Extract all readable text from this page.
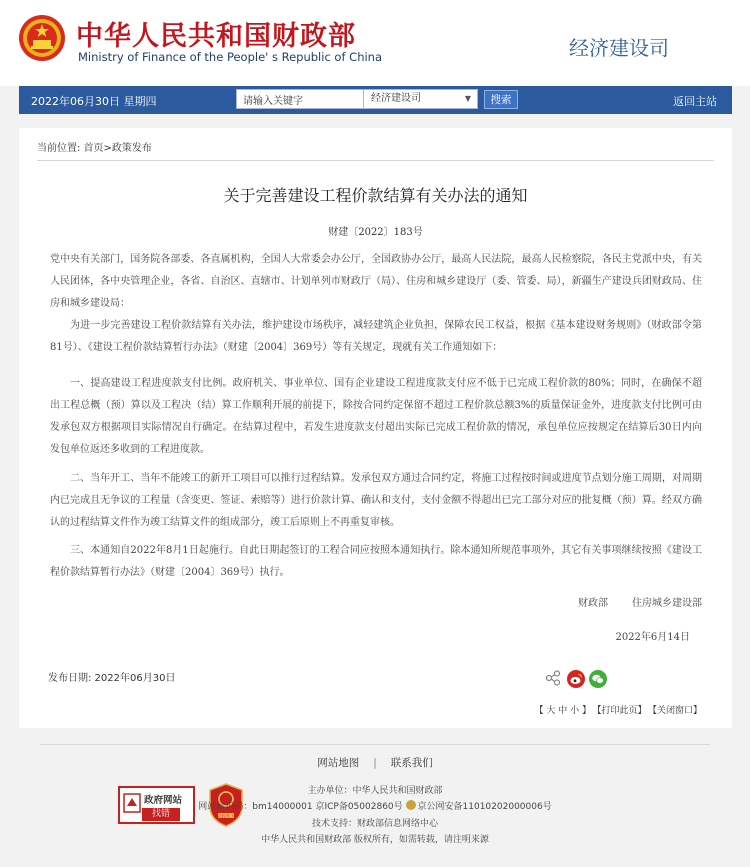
中华人民共和国财政部
Ministry of Finance of the People' s Republic of China	经济建设司
2022年06月30日 星期四
请输入关键字	经济建设司	▼	搜索	返回主站
当前位置: 首页>政策发布
关于完善建设工程价款结算有关办法的通知
财建〔2022〕183号
党中央有关部门，国务院各部委、各直属机构，全国人大常委会办公厅，全国政协办公厅，最高人民法院，最高人民检察院，各民主党派中央，有关人民团体，各中央管理企业，各省、自治区、直辖市、计划单列市财政厅（局）、住房和城乡建设厅（委、管委、局），新疆生产建设兵团财政局、住房和城乡建设局：
为进一步完善建设工程价款结算有关办法，维护建设市场秩序，减轻建筑企业负担，保障农民工权益，根据《基本建设财务规则》（财政部令第81号）、《建设工程价款结算暂行办法》（财建〔2004〕369号）等有关规定，现就有关工作通知如下：
一、提高建设工程进度款支付比例。政府机关、事业单位、国有企业建设工程进度款支付应不低于已完成工程价款的80%；同时，在确保不超出工程总概（预）算以及工程决（结）算工作顺利开展的前提下，除按合同约定保留不超过工程价款总额3%的质量保证金外，进度款支付比例可由发承包双方根据项目实际情况自行确定。在结算过程中，若发生进度款支付超出实际已完成工程价款的情况，承包单位应按规定在结算后30日内向发包单位返还多收到的工程进度款。
二、当年开工、当年不能竣工的新开工项目可以推行过程结算。发承包双方通过合同约定，将施工过程按时间或进度节点划分施工周期，对周期内已完成且无争议的工程量（含变更、签证、索赔等）进行价款计算、确认和支付，支付金额不得超出已完工部分对应的批复概（预）算。经双方确认的过程结算文件作为竣工结算文件的组成部分，竣工后原则上不再重复审核。
三、本通知自2022年8月1日起施行。自此日期起签订的工程合同应按照本通知执行。除本通知所规范事项外，其它有关事项继续按照《建设工程价款结算暂行办法》（财建〔2004〕369号）执行。
财政部 住房城乡建设部
2022年6月14日
发布日期: 2022年06月30日
【 大 中 小 】 【打印此页】 【关闭窗口】
网站地图 | 联系我们
政府网站
找错	党政机关
主办单位：中华人民共和国财政部
网站标识码：bm14000001 京ICP备05002860号 京公网安备11010202000006号
技术支持：财政部信息网络中心
中华人民共和国财政部 版权所有，如需转载，请注明来源
